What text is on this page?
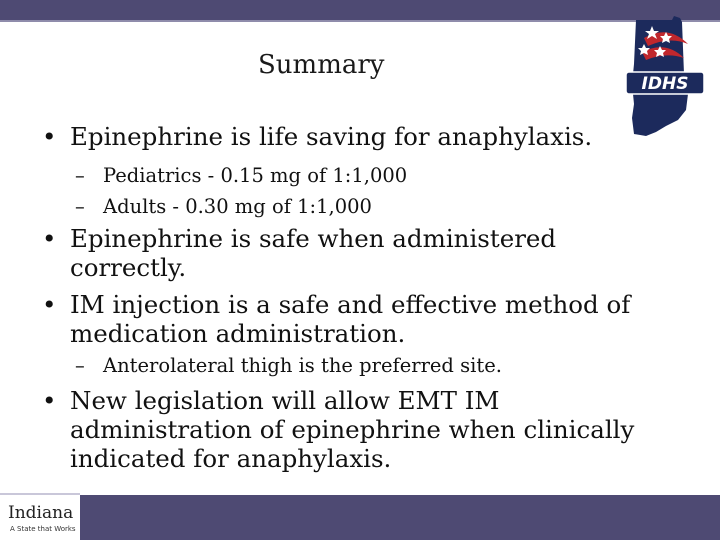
Summary
IDHS
• Epinephrine is life saving for anaphylaxis.
– Pediatrics - 0.15 mg of 1:1,000
– Adults - 0.30 mg of 1:1,000
• Epinephrine is safe when administered
correctly.
• IM injection is a safe and effective method of
medication administration.
– Anterolateral thigh is the preferred site.
• New legislation will allow EMT IM
administration of epinephrine when clinically
indicated for anaphylaxis.
Indiana
A State that Works
